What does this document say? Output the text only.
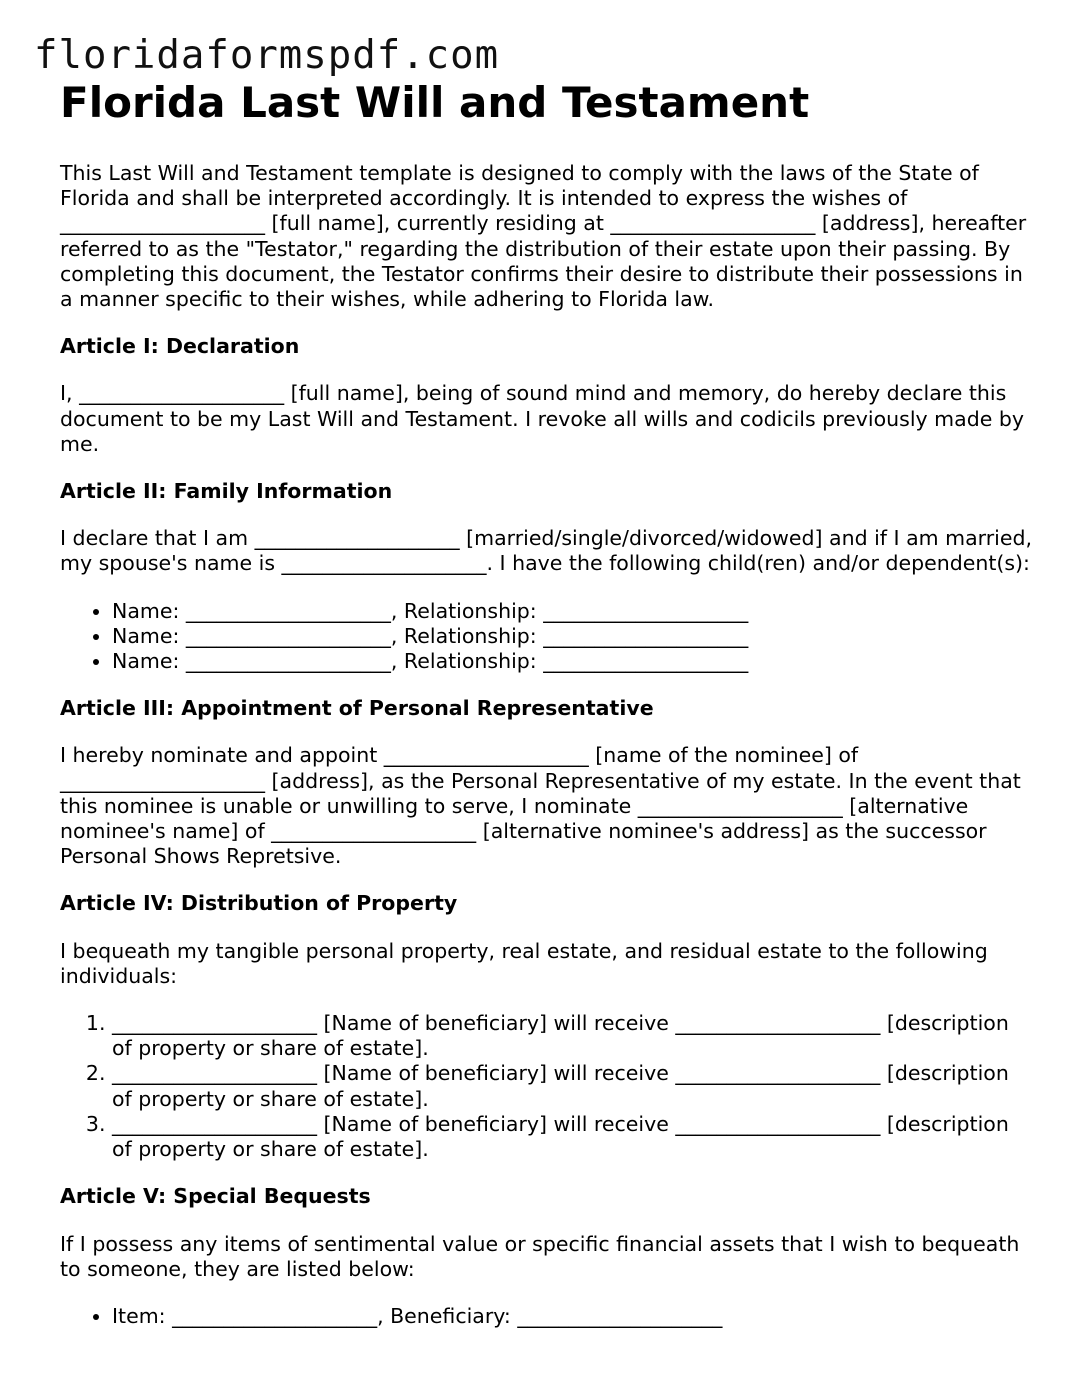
floridaformspdf.com
Florida Last Will and Testament

This Last Will and Testament template is designed to comply with the laws of the State of Florida and shall be interpreted accordingly. It is intended to express the wishes of ____________________ [full name], currently residing at ____________________ [address], hereafter referred to as the "Testator," regarding the distribution of their estate upon their passing. By completing this document, the Testator confirms their desire to distribute their possessions in a manner specific to their wishes, while adhering to Florida law.

Article I: Declaration

I, ____________________ [full name], being of sound mind and memory, do hereby declare this document to be my Last Will and Testament. I revoke all wills and codicils previously made by me.

Article II: Family Information

I declare that I am ____________________ [married/single/divorced/widowed] and if I am married, my spouse's name is ____________________. I have the following child(ren) and/or dependent(s):

• Name: ____________________, Relationship: ____________________
• Name: ____________________, Relationship: ____________________
• Name: ____________________, Relationship: ____________________
Article III: Appointment of Personal Representative

I hereby nominate and appoint ____________________ [name of the nominee] of ____________________ [address], as the Personal Representative of my estate. In the event that this nominee is unable or unwilling to serve, I nominate ____________________ [alternative nominee's name] of ____________________ [alternative nominee's address] as the successor Personal Shows Repretsive.

Article IV: Distribution of Property

I bequeath my tangible personal property, real estate, and residual estate to the following individuals:

1. ____________________ [Name of beneficiary] will receive ____________________ [description of property or share of estate].
2. ____________________ [Name of beneficiary] will receive ____________________ [description of property or share of estate].
3. ____________________ [Name of beneficiary] will receive ____________________ [description of property or share of estate].
Article V: Special Bequests

If I possess any items of sentimental value or specific financial assets that I wish to bequeath to someone, they are listed below:

• Item: ____________________, Beneficiary: ____________________
